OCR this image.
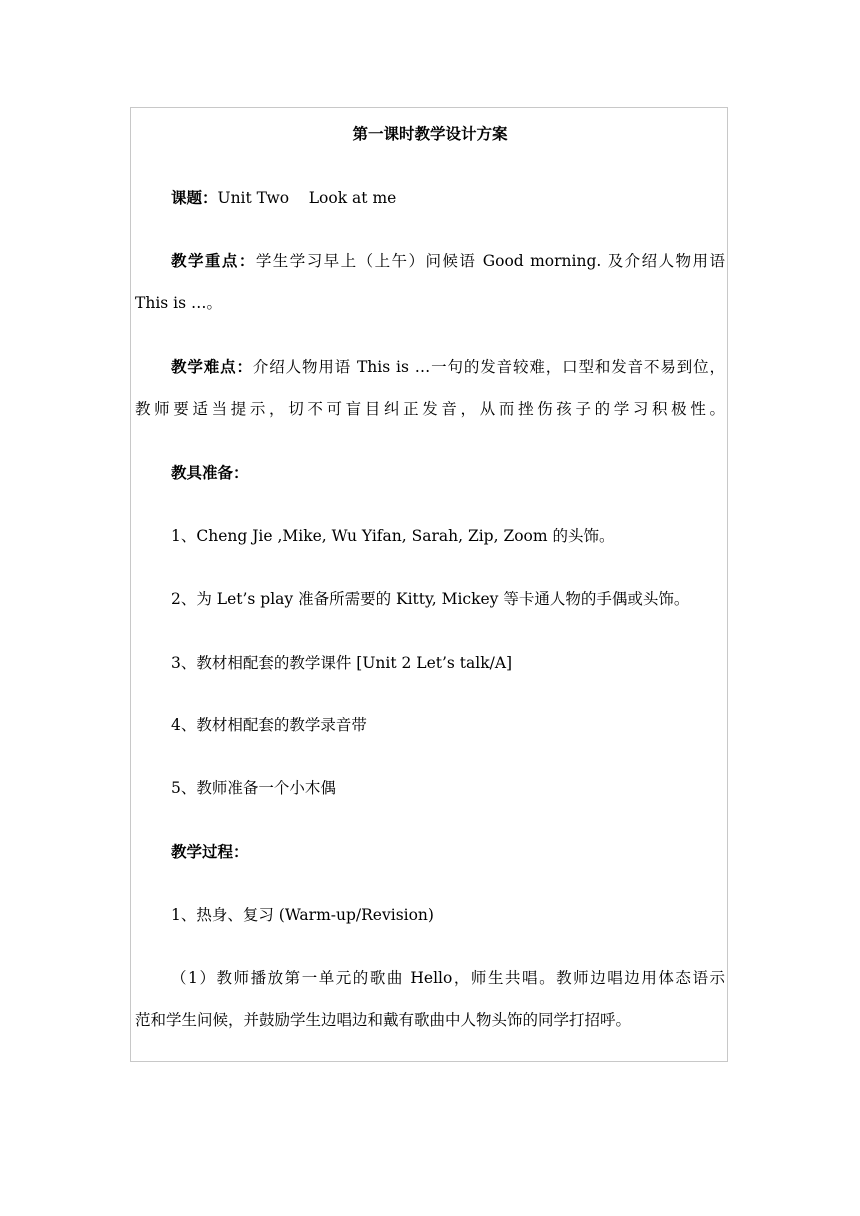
第一课时教学设计方案
课题：Unit Two    Look at me
教学重点：学生学习早上（上午）问候语 Good morning. 及介绍人物用语
This is …。
教学难点：介绍人物用语 This is …一句的发音较难，口型和发音不易到位，
教师要适当提示，切不可盲目纠正发音，从而挫伤孩子的学习积极性。
教具准备：
1、Cheng Jie ,Mike, Wu Yifan, Sarah, Zip, Zoom 的头饰。
2、为 Let’s play 准备所需要的 Kitty, Mickey 等卡通人物的手偶或头饰。
3、教材相配套的教学课件 [Unit 2 Let’s talk/A]
4、教材相配套的教学录音带
5、教师准备一个小木偶
教学过程：
1、热身、复习 (Warm-up/Revision)
（1）教师播放第一单元的歌曲 Hello，师生共唱。教师边唱边用体态语示
范和学生问候，并鼓励学生边唱边和戴有歌曲中人物头饰的同学打招呼。
